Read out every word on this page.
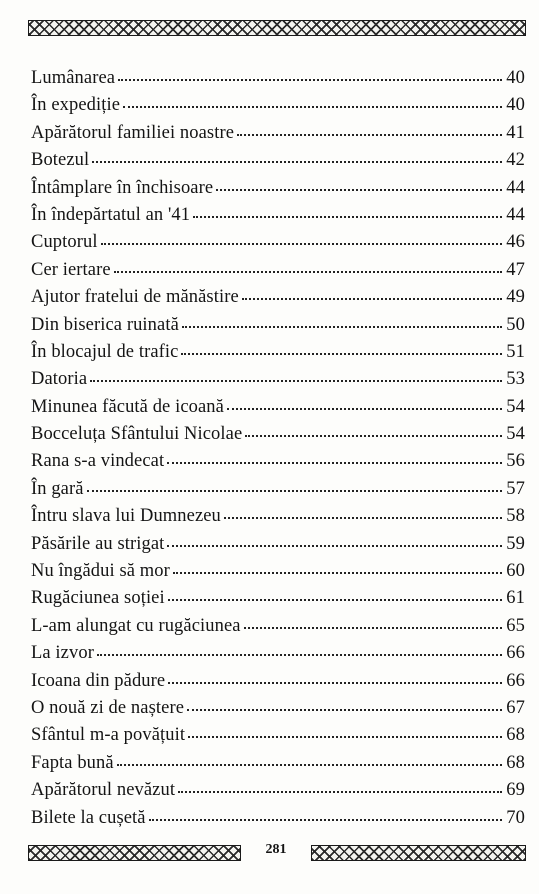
Lumânarea	40
În expediție	40
Apărătorul familiei noastre	41
Botezul	42
Întâmplare în închisoare	44
În îndepărtatul an '41	44
Cuptorul	46
Cer iertare	47
Ajutor fratelui de mănăstire	49
Din biserica ruinată	50
În blocajul de trafic	51
Datoria	53
Minunea făcută de icoană	54
Bocceluța Sfântului Nicolae	54
Rana s-a vindecat	56
În gară	57
Întru slava lui Dumnezeu	58
Păsările au strigat	59
Nu îngădui să mor	60
Rugăciunea soției	61
L-am alungat cu rugăciunea	65
La izvor	66
Icoana din pădure	66
O nouă zi de naștere	67
Sfântul m-a povățuit	68
Fapta bună	68
Apărătorul nevăzut	69
Bilete la cușetă	70
281
